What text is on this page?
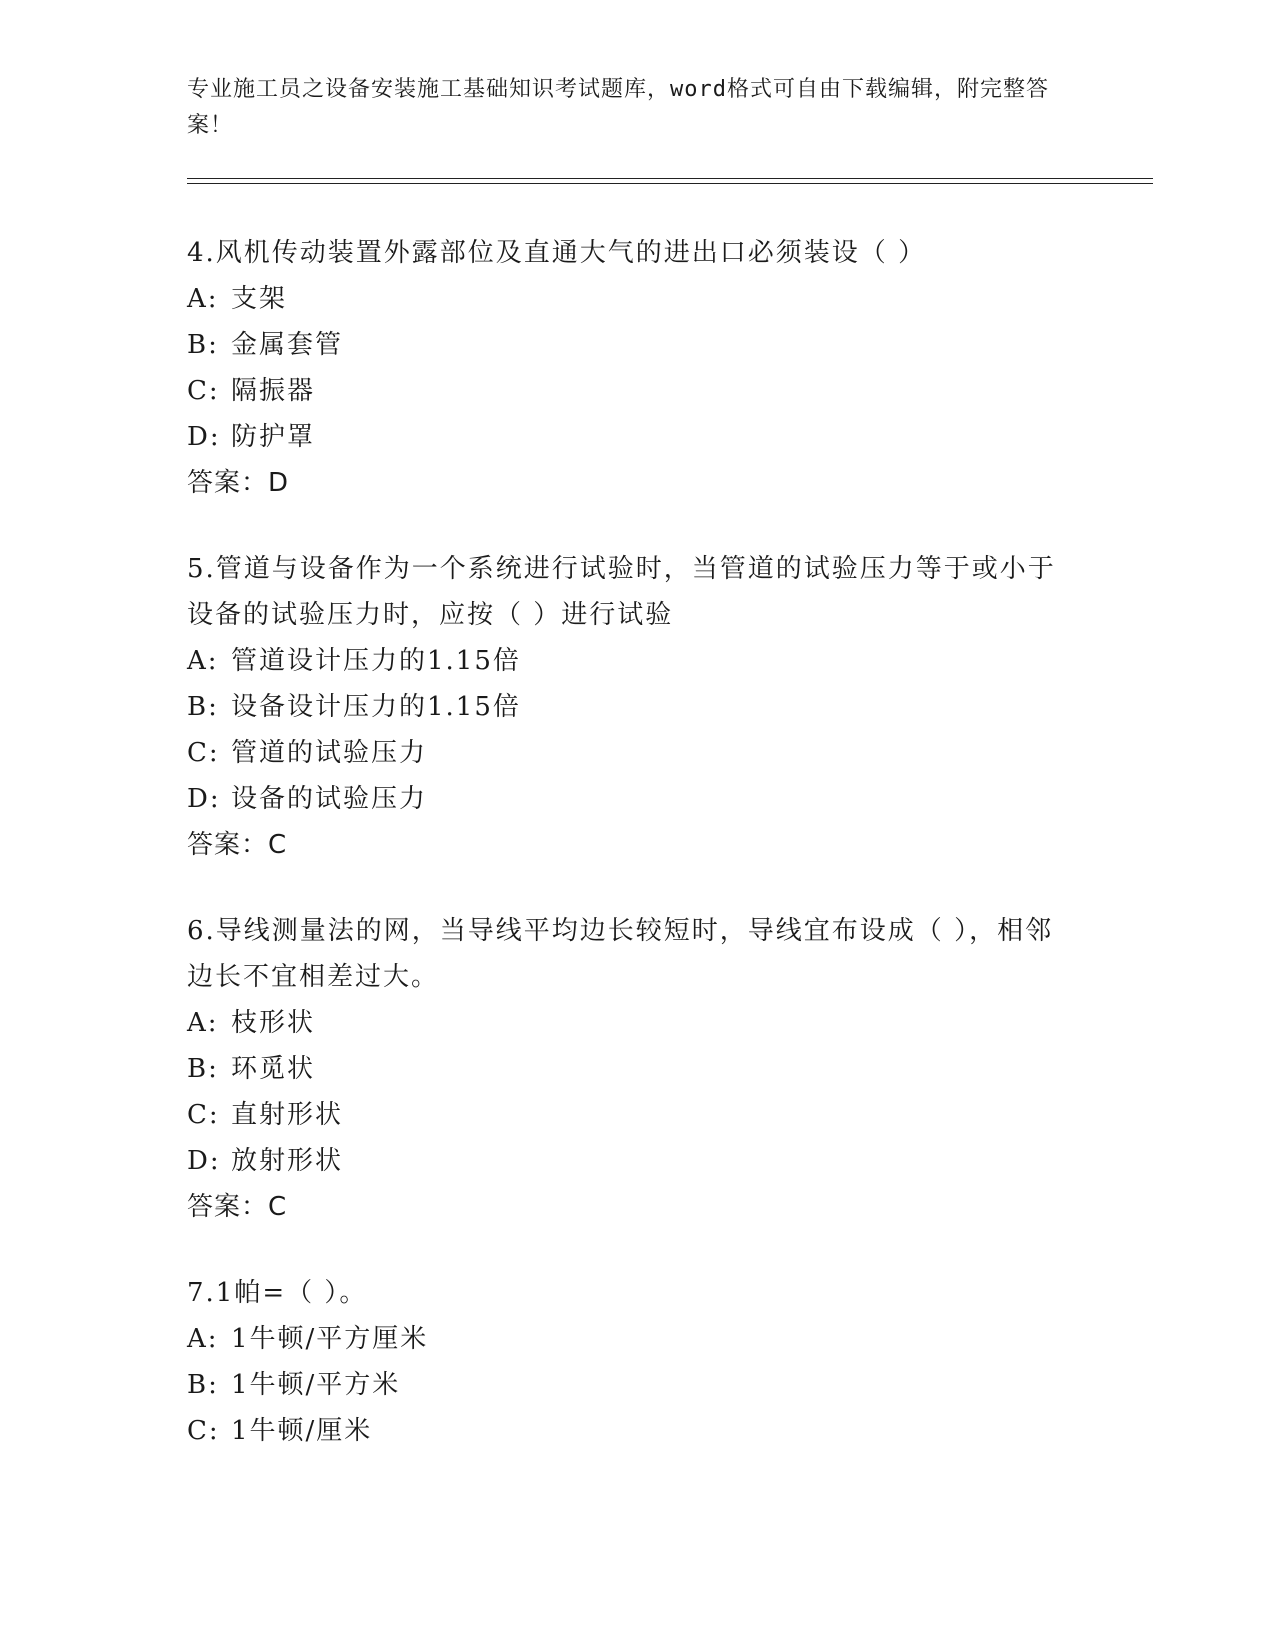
专业施工员之设备安装施工基础知识考试题库，word格式可自由下载编辑，附完整答案！
4.风机传动装置外露部位及直通大气的进出口必须装设（ ）
A: 支架
B: 金属套管
C: 隔振器
D: 防护罩
答案：D
5.管道与设备作为一个系统进行试验时，当管道的试验压力等于或小于设备的试验压力时，应按（ ）进行试验
A: 管道设计压力的1.15倍
B: 设备设计压力的1.15倍
C: 管道的试验压力
D: 设备的试验压力
答案：C
6.导线测量法的网，当导线平均边长较短时，导线宜布设成（ ），相邻边长不宜相差过大。
A: 枝形状
B: 环觅状
C: 直射形状
D: 放射形状
答案：C
7.1帕=（ ）。
A: 1牛顿/平方厘米
B: 1牛顿/平方米
C: 1牛顿/厘米
